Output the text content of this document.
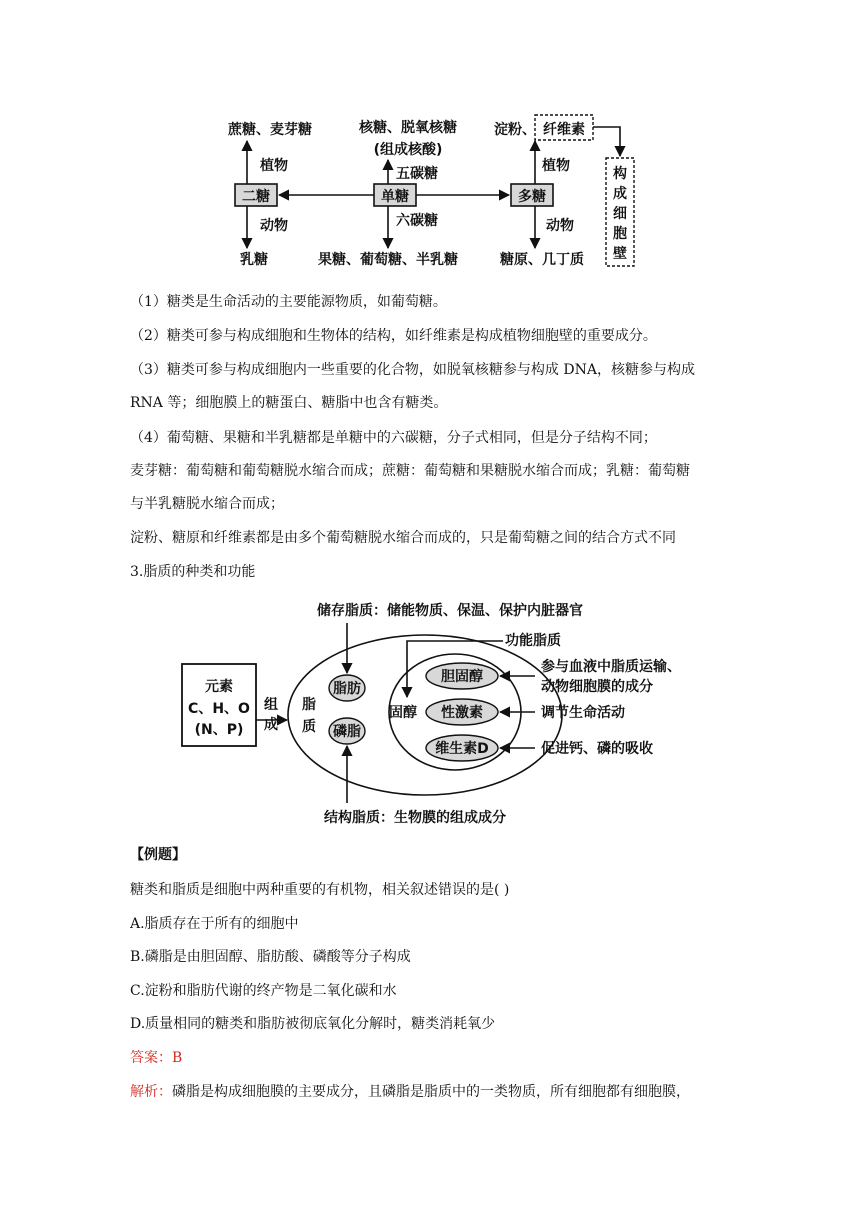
蔗糖、麦芽糖	核糖、脱氧核糖
(组成核酸)
淀粉、 纤维素
构
成
细
胞
壁
二糖	单糖	多糖
植物
动物
五碳糖
六碳糖
植物
动物
乳糖	果糖、葡萄糖、半乳糖	糖原、几丁质
（1）糖类是生命活动的主要能源物质，如葡萄糖。
（2）糖类可参与构成细胞和生物体的结构，如纤维素是构成植物细胞壁的重要成分。
（3）糖类可参与构成细胞内一些重要的化合物，如脱氧核糖参与构成 DNA，核糖参与构成
RNA 等；细胞膜上的糖蛋白、糖脂中也含有糖类。
（4）葡萄糖、果糖和半乳糖都是单糖中的六碳糖，分子式相同，但是分子结构不同；
麦芽糖：葡萄糖和葡萄糖脱水缩合而成；蔗糖：葡萄糖和果糖脱水缩合而成；乳糖：葡萄糖
与半乳糖脱水缩合而成；
淀粉、糖原和纤维素都是由多个葡萄糖脱水缩合而成的，只是葡萄糖之间的结合方式不同
3.脂质的种类和功能
储存脂质：储能物质、保温、保护内脏器官
元素
C、H、O
(N、P)
组
成
脂
质
脂肪
磷脂
固醇
功能脂质
胆固醇
性激素
维生素D
参与血液中脂质运输、
动物细胞膜的成分
调节生命活动
促进钙、磷的吸收
结构脂质：生物膜的组成成分
【例题】
糖类和脂质是细胞中两种重要的有机物，相关叙述错误的是( )
A.脂质存在于所有的细胞中
B.磷脂是由胆固醇、脂肪酸、磷酸等分子构成
C.淀粉和脂肪代谢的终产物是二氧化碳和水
D.质量相同的糖类和脂肪被彻底氧化分解时，糖类消耗氧少
答案：B
解析：磷脂是构成细胞膜的主要成分，且磷脂是脂质中的一类物质，所有细胞都有细胞膜，
